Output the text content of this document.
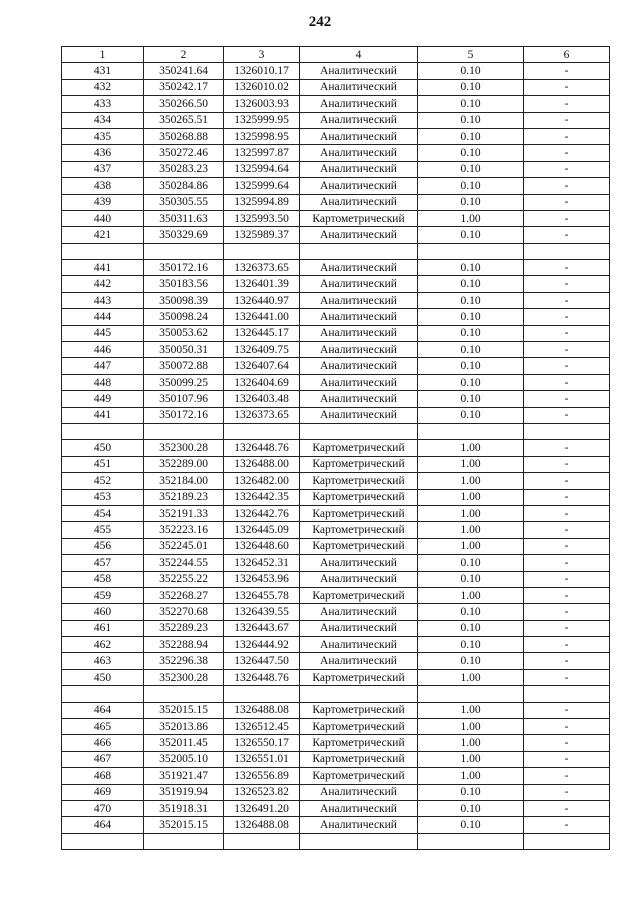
242
1	2	3	4	5	6
431	350241.64	1326010.17	Аналитический	0.10	-
432	350242.17	1326010.02	Аналитический	0.10	-
433	350266.50	1326003.93	Аналитический	0.10	-
434	350265.51	1325999.95	Аналитический	0.10	-
435	350268.88	1325998.95	Аналитический	0.10	-
436	350272.46	1325997.87	Аналитический	0.10	-
437	350283.23	1325994.64	Аналитический	0.10	-
438	350284.86	1325999.64	Аналитический	0.10	-
439	350305.55	1325994.89	Аналитический	0.10	-
440	350311.63	1325993.50	Картометрический	1.00	-
421	350329.69	1325989.37	Аналитический	0.10	-

441	350172.16	1326373.65	Аналитический	0.10	-
442	350183.56	1326401.39	Аналитический	0.10	-
443	350098.39	1326440.97	Аналитический	0.10	-
444	350098.24	1326441.00	Аналитический	0.10	-
445	350053.62	1326445.17	Аналитический	0.10	-
446	350050.31	1326409.75	Аналитический	0.10	-
447	350072.88	1326407.64	Аналитический	0.10	-
448	350099.25	1326404.69	Аналитический	0.10	-
449	350107.96	1326403.48	Аналитический	0.10	-
441	350172.16	1326373.65	Аналитический	0.10	-

450	352300.28	1326448.76	Картометрический	1.00	-
451	352289.00	1326488.00	Картометрический	1.00	-
452	352184.00	1326482.00	Картометрический	1.00	-
453	352189.23	1326442.35	Картометрический	1.00	-
454	352191.33	1326442.76	Картометрический	1.00	-
455	352223.16	1326445.09	Картометрический	1.00	-
456	352245.01	1326448.60	Картометрический	1.00	-
457	352244.55	1326452.31	Аналитический	0.10	-
458	352255.22	1326453.96	Аналитический	0.10	-
459	352268.27	1326455.78	Картометрический	1.00	-
460	352270.68	1326439.55	Аналитический	0.10	-
461	352289.23	1326443.67	Аналитический	0.10	-
462	352288.94	1326444.92	Аналитический	0.10	-
463	352296.38	1326447.50	Аналитический	0.10	-
450	352300.28	1326448.76	Картометрический	1.00	-

464	352015.15	1326488.08	Картометрический	1.00	-
465	352013.86	1326512.45	Картометрический	1.00	-
466	352011.45	1326550.17	Картометрический	1.00	-
467	352005.10	1326551.01	Картометрический	1.00	-
468	351921.47	1326556.89	Картометрический	1.00	-
469	351919.94	1326523.82	Аналитический	0.10	-
470	351918.31	1326491.20	Аналитический	0.10	-
464	352015.15	1326488.08	Аналитический	0.10	-
